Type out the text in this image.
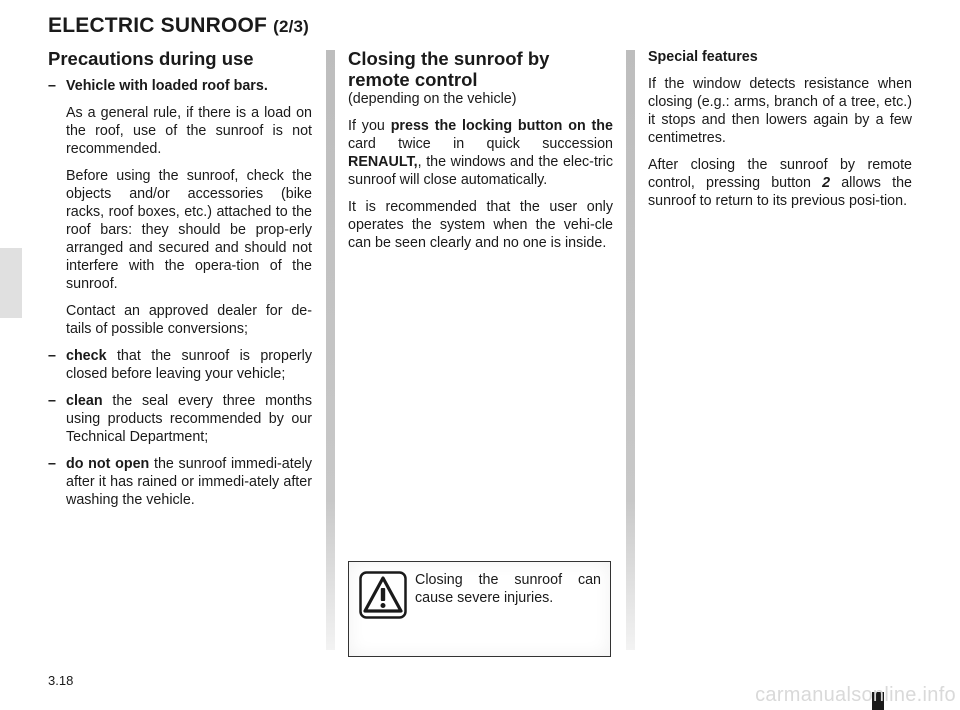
ELECTRIC SUNROOF (2/3)
Precautions during use
– Vehicle with loaded roof bars.

As a general rule, if there is a load on the roof, use of the sunroof is not recommended.

Before using the sunroof, check the objects and/or accessories (bike racks, roof boxes, etc.) attached to the roof bars: they should be prop-erly arranged and secured and should not interfere with the opera-tion of the sunroof.

Contact an approved dealer for de-tails of possible conversions;

– check that the sunroof is properly closed before leaving your vehicle;

– clean the seal every three months using products recommended by our Technical Department;

– do not open the sunroof immedi-ately after it has rained or immedi-ately after washing the vehicle.

Closing the sunroof by remote control

(depending on the vehicle)

If you press the locking button on the card twice in quick succession RENAULT,, the windows and the elec-tric sunroof will close automatically.

It is recommended that the user only operates the system when the vehi-cle can be seen clearly and no one is inside.

Special features

If the window detects resistance when closing (e.g.: arms, branch of a tree, etc.) it stops and then lowers again by a few centimetres.

After closing the sunroof by remote control, pressing button 2 allows the sunroof to return to its previous posi-tion.

Closing the sunroof can cause severe injuries.
3.18
carmanualsonline.info
